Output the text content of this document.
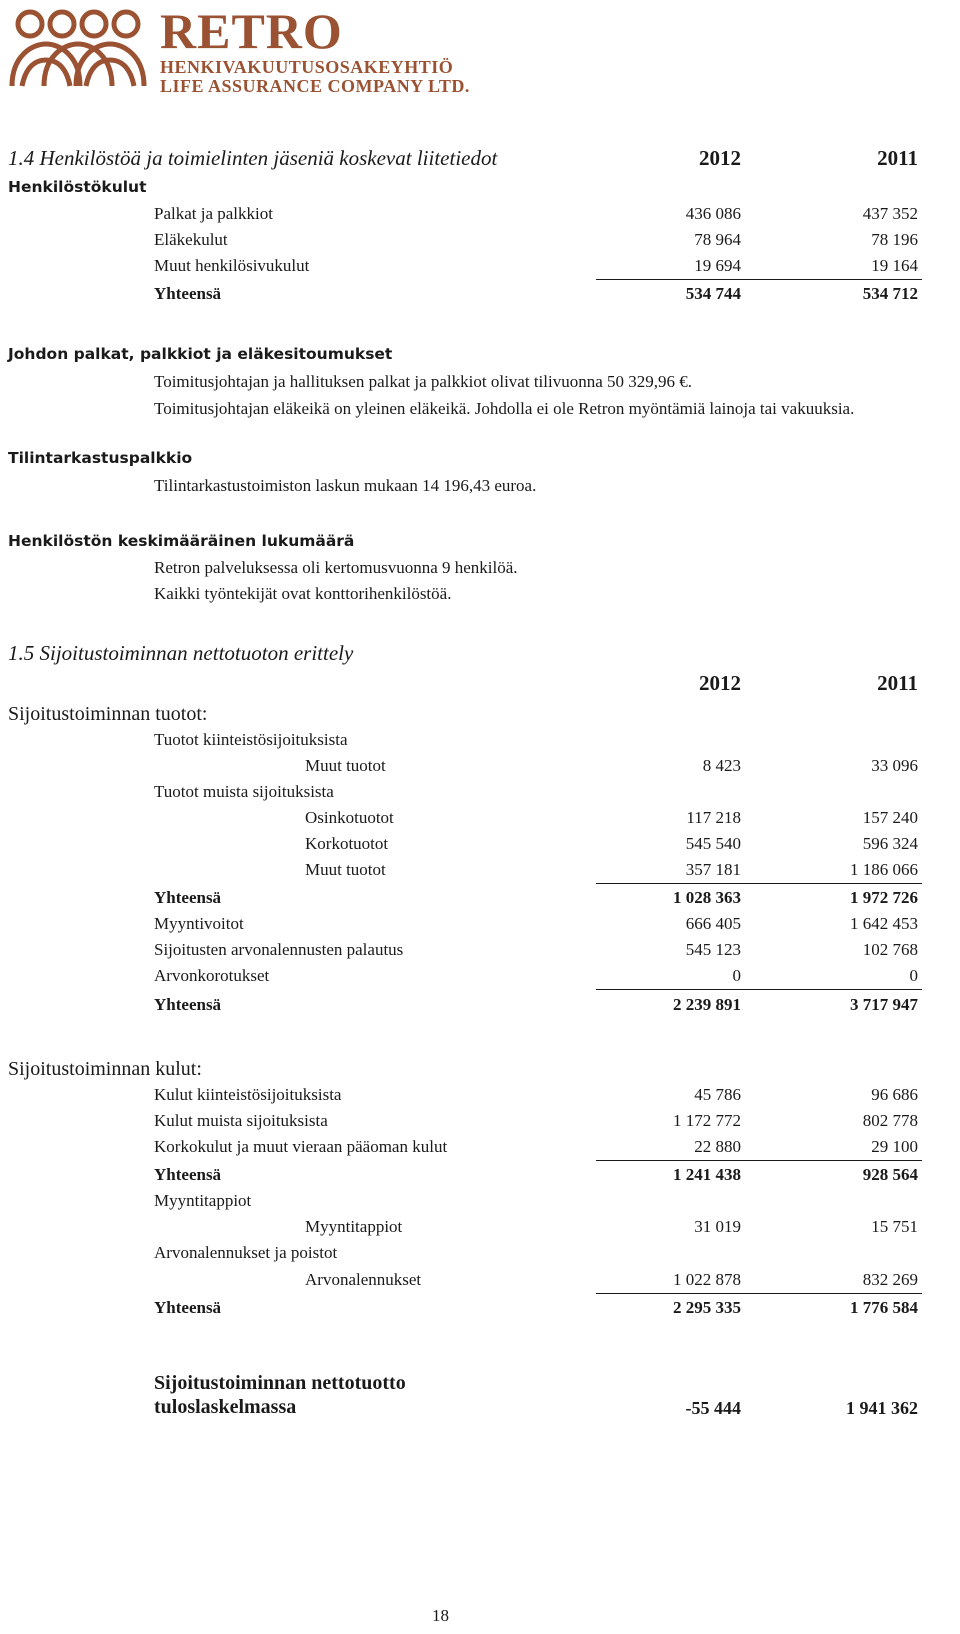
RETRO
HENKIVAKUUTUSOSAKEYHTIÖ
LIFE ASSURANCE COMPANY LTD.
1.4 Henkilöstöä ja toimielinten jäseniä koskevat liitetiedot	2012	2011
Henkilöstökulut
Palkat ja palkkiot	436 086	437 352
Eläkekulut	78 964	78 196
Muut henkilösivukulut	19 694	19 164
Yhteensä	534 744	534 712
Johdon palkat, palkkiot ja eläkesitoumukset
Toimitusjohtajan ja hallituksen palkat ja palkkiot olivat tilivuonna 50 329,96 €.
Toimitusjohtajan eläkeikä on yleinen eläkeikä. Johdolla ei ole Retron myöntämiä lainoja tai vakuuksia.
Tilintarkastuspalkkio
Tilintarkastustoimiston laskun mukaan 14 196,43 euroa.
Henkilöstön keskimääräinen lukumäärä
Retron palveluksessa oli kertomusvuonna 9 henkilöä.
Kaikki työntekijät ovat konttorihenkilöstöä.
1.5 Sijoitustoiminnan nettotuoton erittely
2012	2011
Sijoitustoiminnan tuotot:
Tuotot kiinteistösijoituksista
Muut tuotot	8 423	33 096
Tuotot muista sijoituksista
Osinkotuotot	117 218	157 240
Korkotuotot	545 540	596 324
Muut tuotot	357 181	1 186 066
Yhteensä	1 028 363	1 972 726
Myyntivoitot	666 405	1 642 453
Sijoitusten arvonalennusten palautus	545 123	102 768
Arvonkorotukset	0	0
Yhteensä	2 239 891	3 717 947
Sijoitustoiminnan kulut:
Kulut kiinteistösijoituksista	45 786	96 686
Kulut muista sijoituksista	1 172 772	802 778
Korkokulut ja muut vieraan pääoman kulut	22 880	29 100
Yhteensä	1 241 438	928 564
Myyntitappiot
Myyntitappiot	31 019	15 751
Arvonalennukset ja poistot
Arvonalennukset	1 022 878	832 269
Yhteensä	2 295 335	1 776 584
Sijoitustoiminnan nettotuotto
tuloslaskelmassa	-55 444	1 941 362
18
